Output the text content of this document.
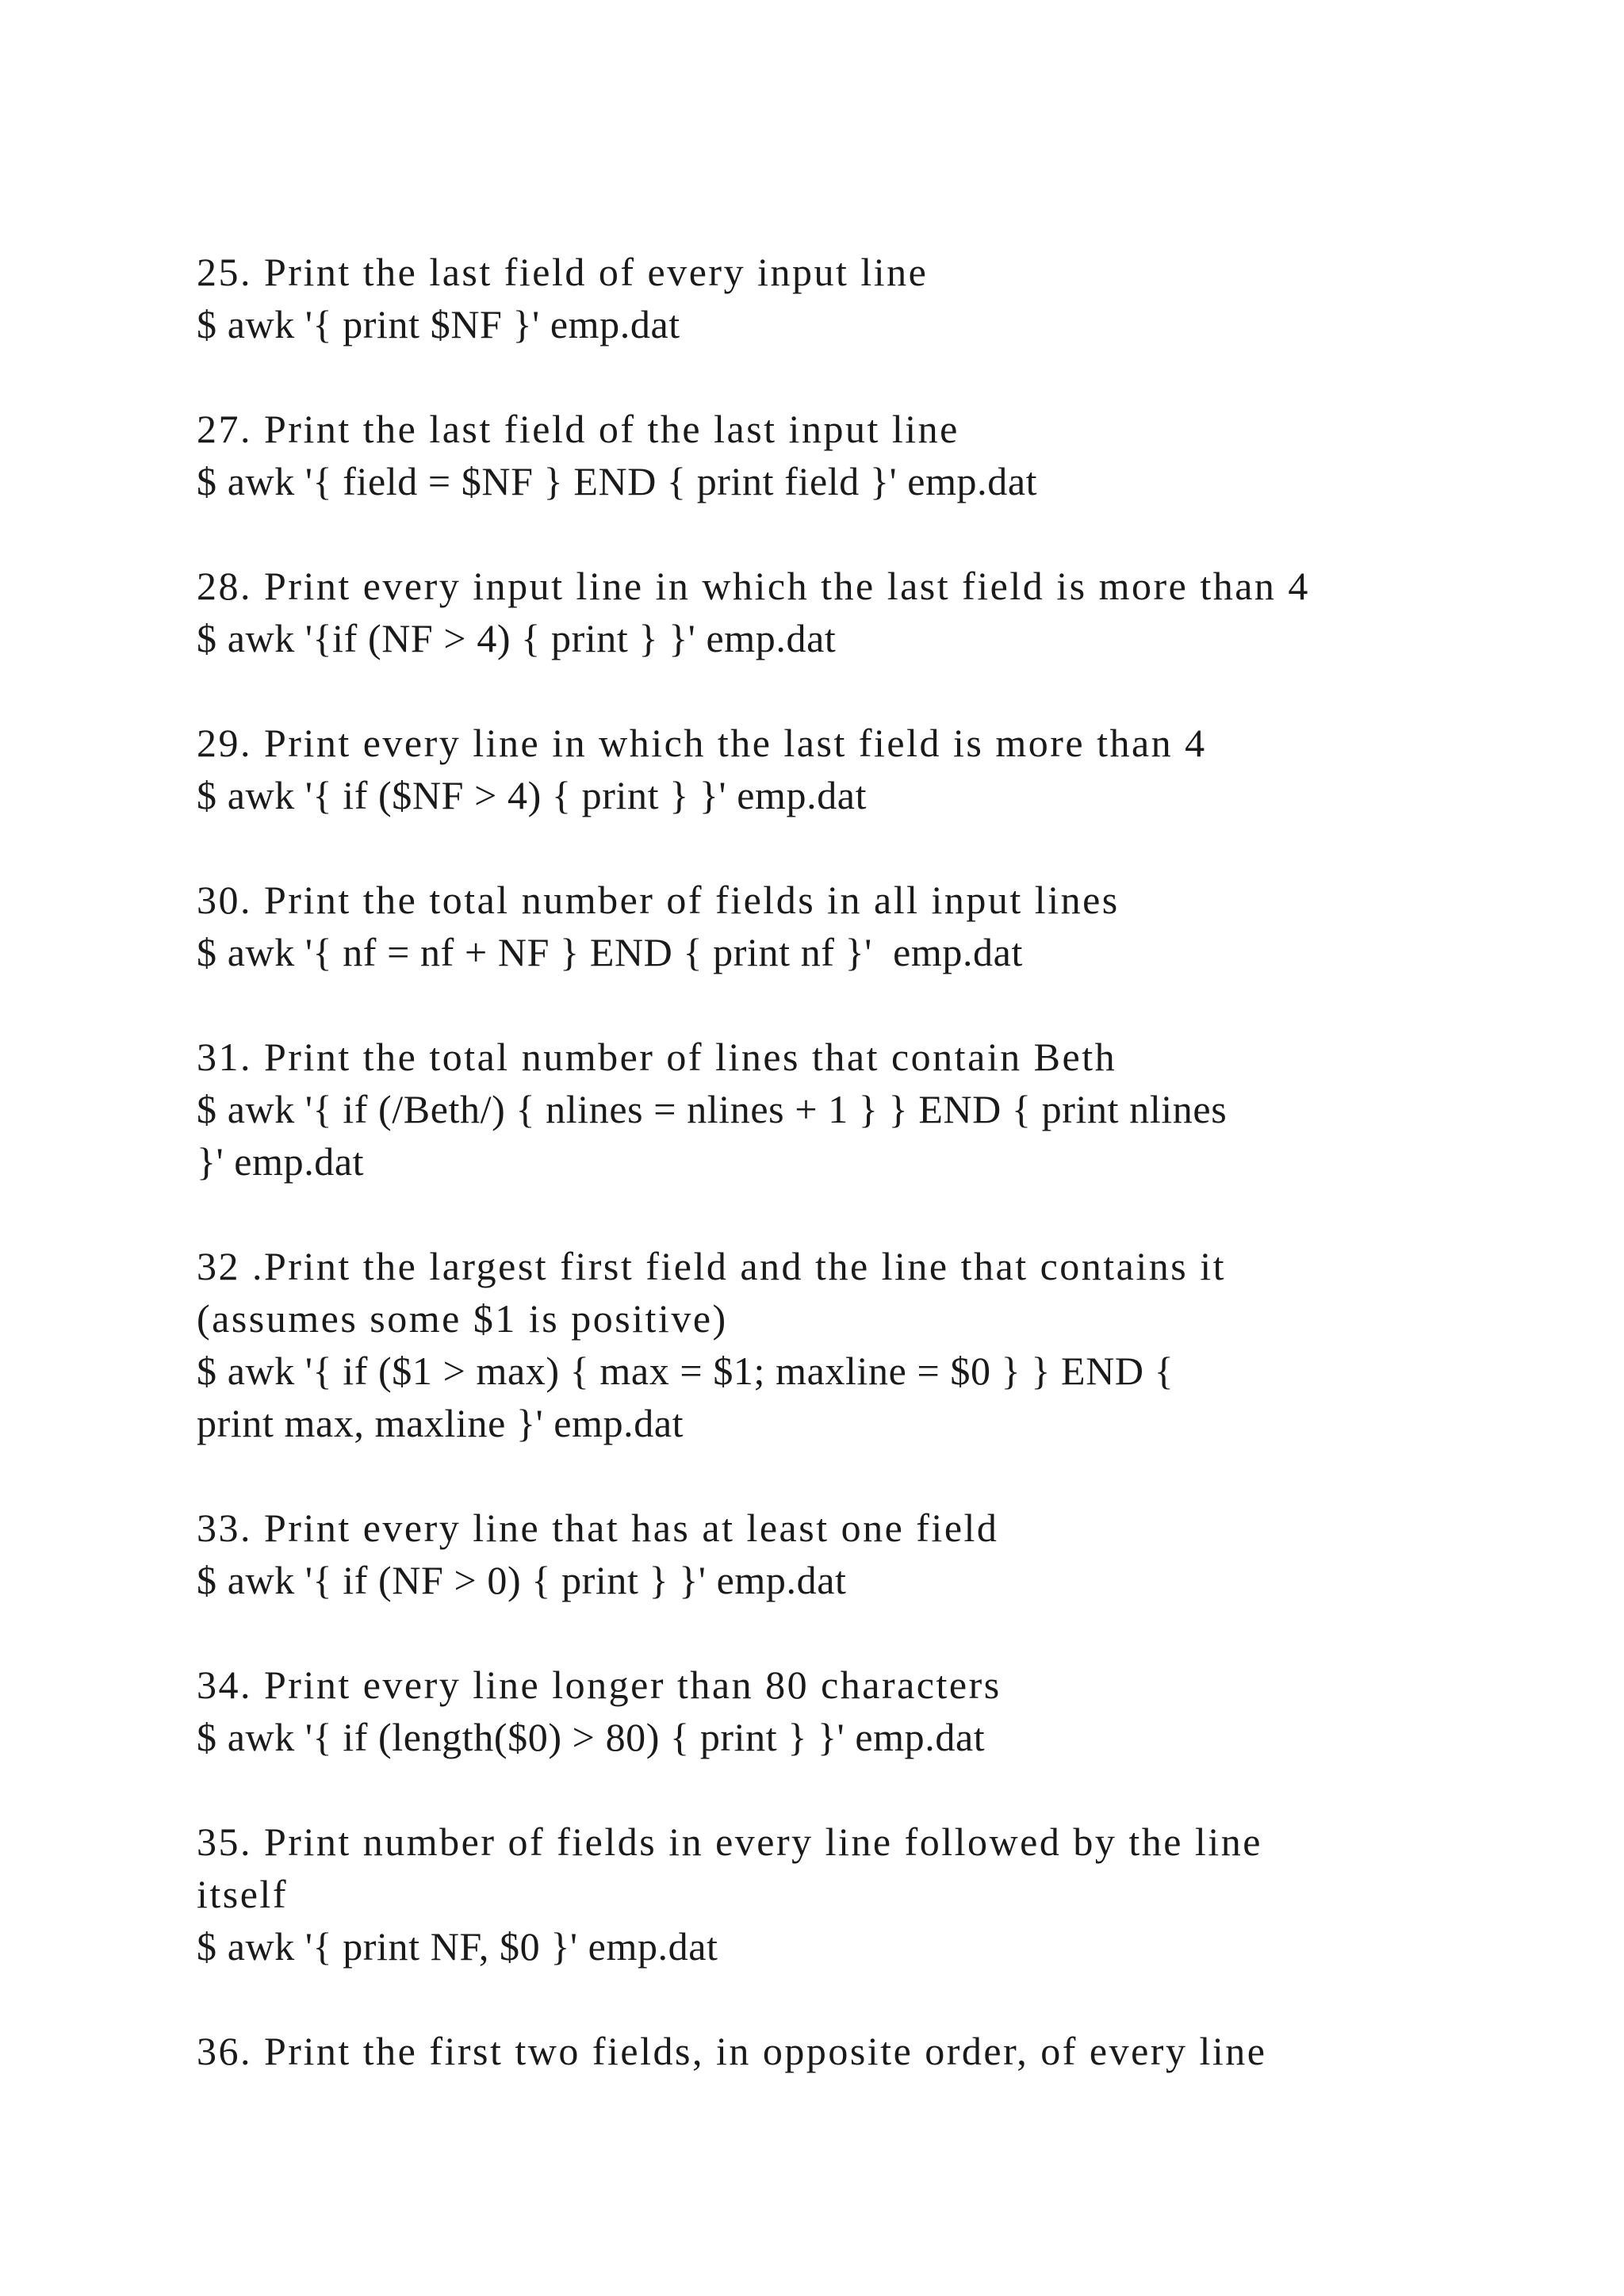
25. Print the last field of every input line
$ awk '{ print $NF }' emp.dat
27. Print the last field of the last input line
$ awk '{ field = $NF } END { print field }' emp.dat
28. Print every input line in which the last field is more than 4
$ awk '{if (NF > 4) { print } }' emp.dat
29. Print every line in which the last field is more than 4
$ awk '{ if ($NF > 4) { print } }' emp.dat
30. Print the total number of fields in all input lines
$ awk '{ nf = nf + NF } END { print nf }'  emp.dat
31. Print the total number of lines that contain Beth
$ awk '{ if (/Beth/) { nlines = nlines + 1 } } END { print nlines
}' emp.dat
32 .Print the largest first field and the line that contains it
(assumes some $1 is positive)
$ awk '{ if ($1 > max) { max = $1; maxline = $0 } } END {
print max, maxline }' emp.dat
33. Print every line that has at least one field
$ awk '{ if (NF > 0) { print } }' emp.dat
34. Print every line longer than 80 characters
$ awk '{ if (length($0) > 80) { print } }' emp.dat
35. Print number of fields in every line followed by the line
itself
$ awk '{ print NF, $0 }' emp.dat
36. Print the first two fields, in opposite order, of every line
